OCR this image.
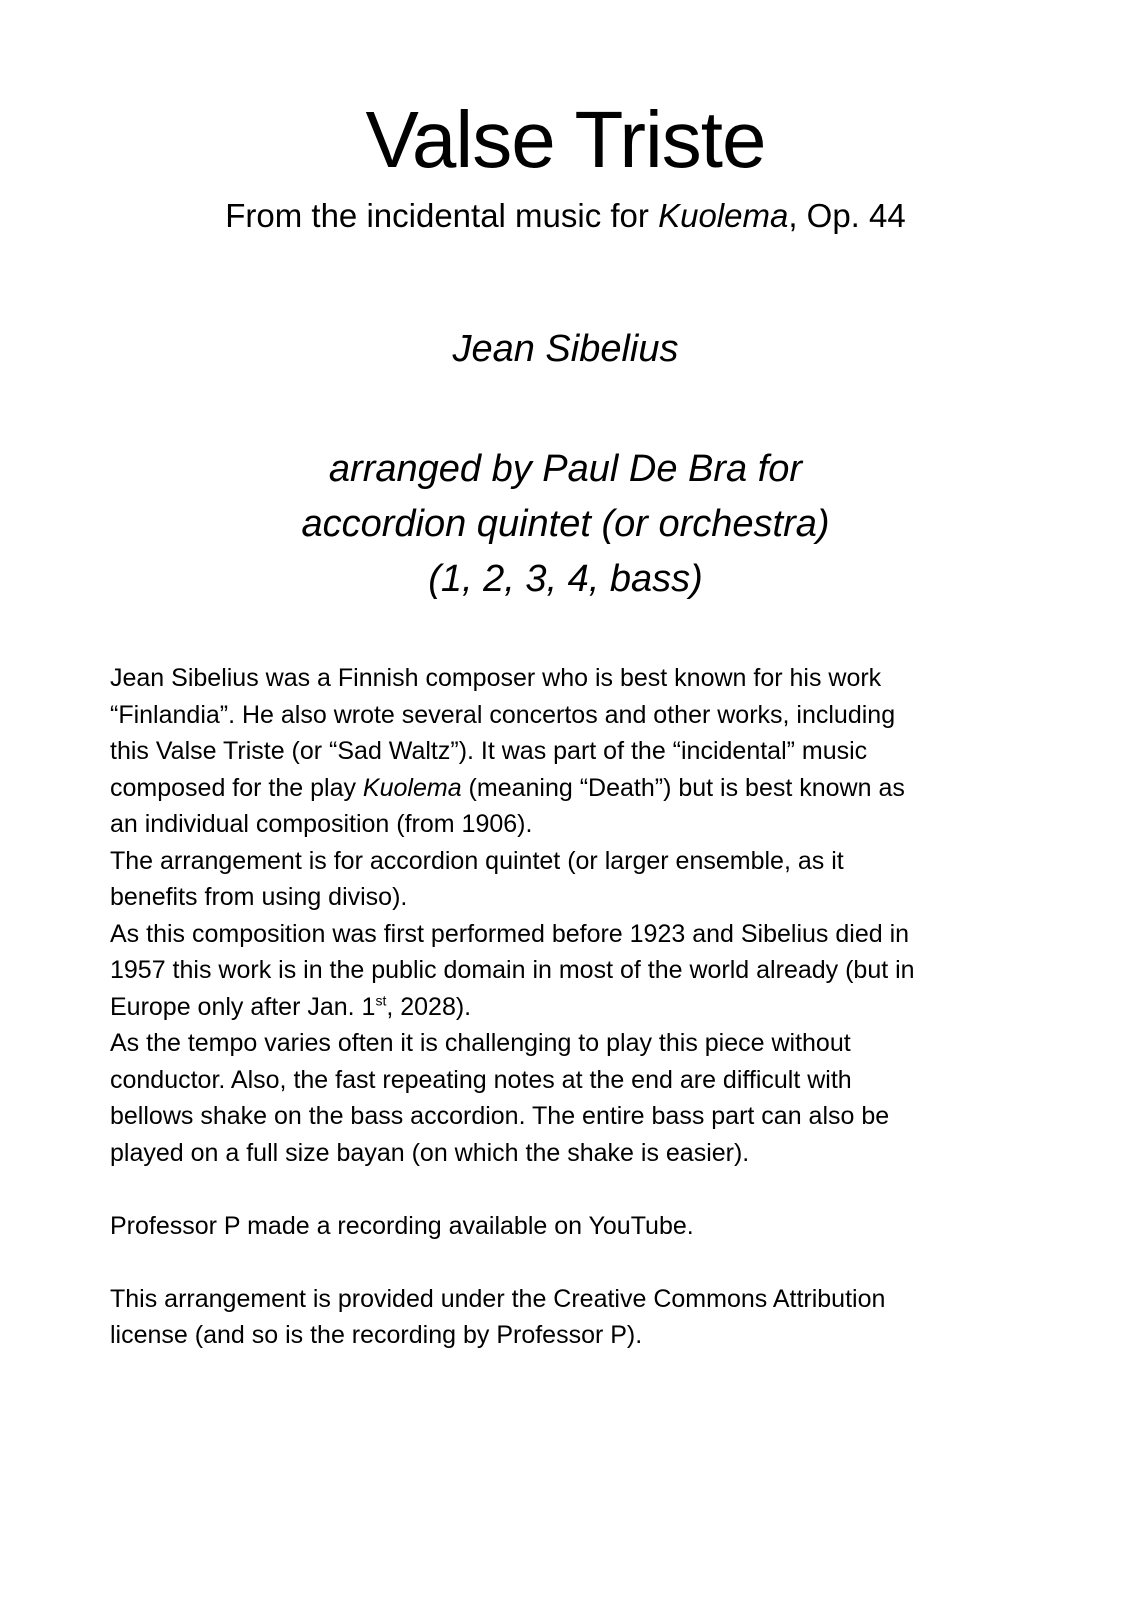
Valse Triste

From the incidental music for Kuolema, Op. 44

Jean Sibelius

arranged by Paul De Bra for
accordion quintet (or orchestra)
(1, 2, 3, 4, bass)
Jean Sibelius was a Finnish composer who is best known for his work
“Finlandia”. He also wrote several concertos and other works, including
this Valse Triste (or “Sad Waltz”). It was part of the “incidental” music
composed for the play Kuolema (meaning “Death”) but is best known as
an individual composition (from 1906).
The arrangement is for accordion quintet (or larger ensemble, as it
benefits from using diviso).
As this composition was first performed before 1923 and Sibelius died in
1957 this work is in the public domain in most of the world already (but in
Europe only after Jan. 1st, 2028).
As the tempo varies often it is challenging to play this piece without
conductor. Also, the fast repeating notes at the end are difficult with
bellows shake on the bass accordion. The entire bass part can also be
played on a full size bayan (on which the shake is easier).
Professor P made a recording available on YouTube.
This arrangement is provided under the Creative Commons Attribution
license (and so is the recording by Professor P).
